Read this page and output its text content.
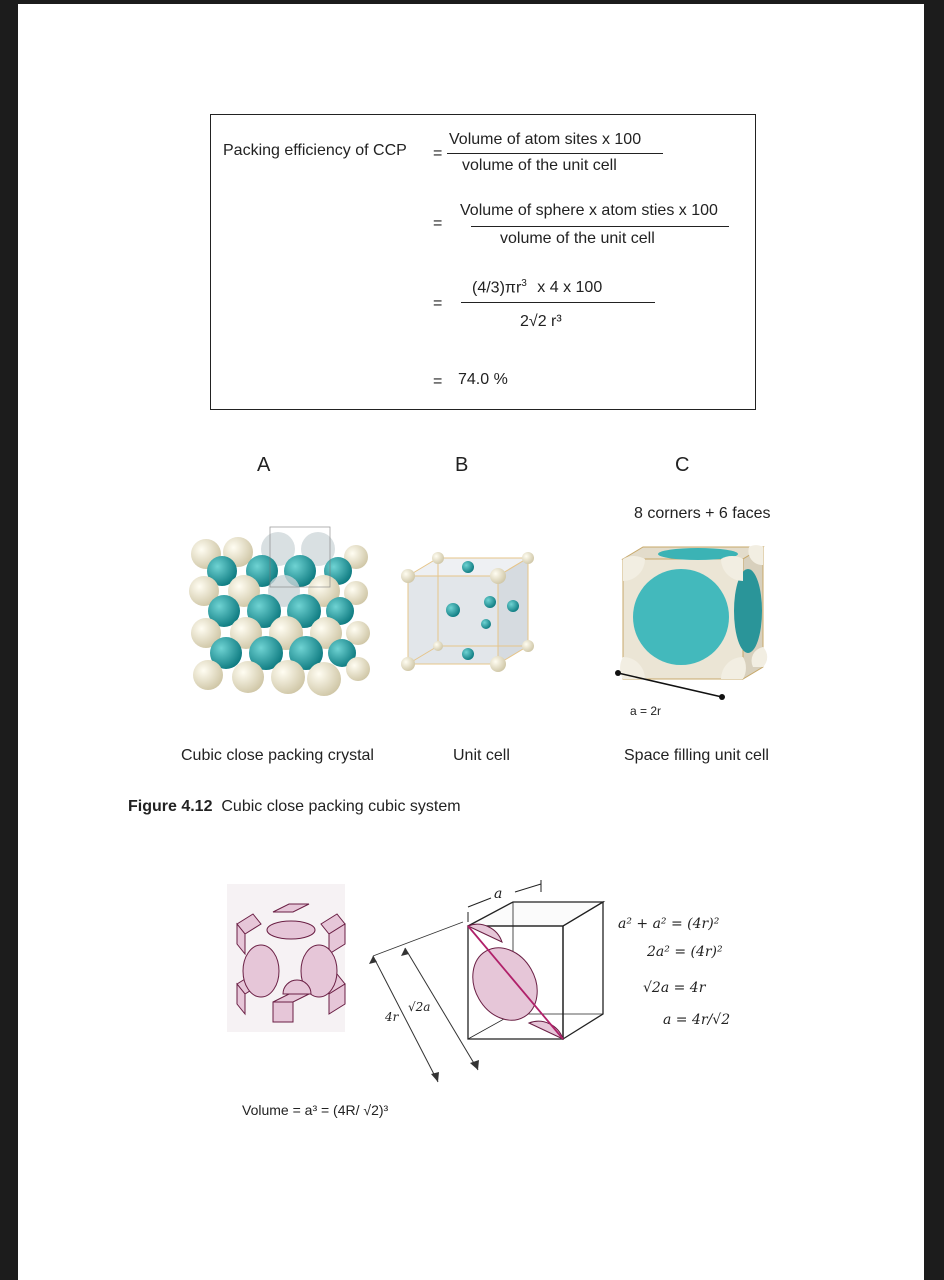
Packing efficiency of CCP =
Volume of atom sites x 100
volume of the unit cell
=
Volume of sphere x atom sties x 100
volume of the unit cell
=
$(4/3)\pi r^3$ x 4 x 100
2√2 r³
= 74.0 %
A	B	C
8 corners + 6 faces
a = 2r
Cubic close packing crystal	Unit cell	Space filling unit cell
Figure 4.12 Cubic close packing cubic system
a
4r
√2a
Volume = a³ = (4R/ √2)³
a² + a² = (4r)²
2a² = (4r)²
√2a = 4r
a = 4r/√2
